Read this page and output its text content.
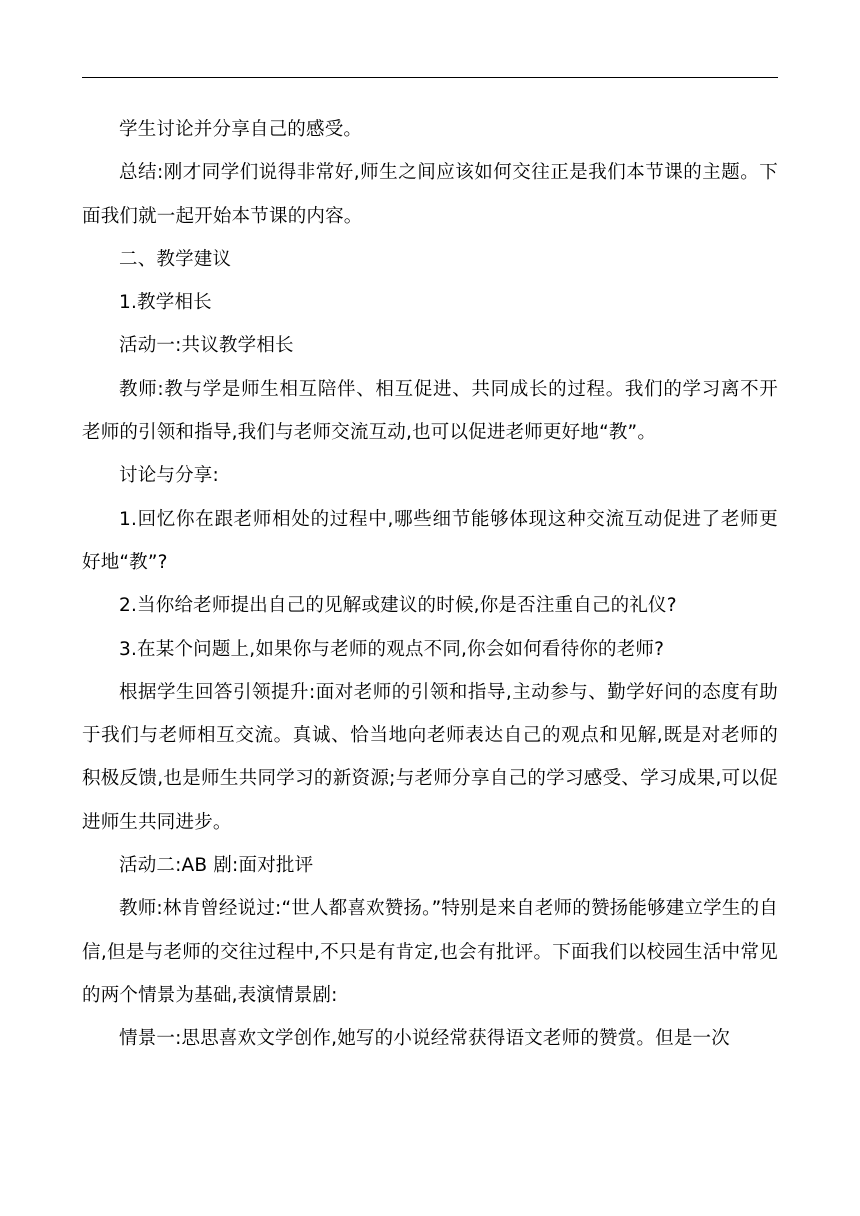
学生讨论并分享自己的感受。

总结:刚才同学们说得非常好,师生之间应该如何交往正是我们本节课的主题。下面我们就一起开始本节课的内容。

二、教学建议

1.教学相长

活动一:共议教学相长

教师:教与学是师生相互陪伴、相互促进、共同成长的过程。我们的学习离不开老师的引领和指导,我们与老师交流互动,也可以促进老师更好地“教”。

讨论与分享:

1.回忆你在跟老师相处的过程中,哪些细节能够体现这种交流互动促进了老师更好地“教”?

2.当你给老师提出自己的见解或建议的时候,你是否注重自己的礼仪?

3.在某个问题上,如果你与老师的观点不同,你会如何看待你的老师?

根据学生回答引领提升:面对老师的引领和指导,主动参与、勤学好问的态度有助于我们与老师相互交流。真诚、恰当地向老师表达自己的观点和见解,既是对老师的积极反馈,也是师生共同学习的新资源;与老师分享自己的学习感受、学习成果,可以促进师生共同进步。

活动二:AB 剧:面对批评

教师:林肯曾经说过:“世人都喜欢赞扬。”特别是来自老师的赞扬能够建立学生的自信,但是与老师的交往过程中,不只是有肯定,也会有批评。下面我们以校园生活中常见的两个情景为基础,表演情景剧:

情景一:思思喜欢文学创作,她写的小说经常获得语文老师的赞赏。但是一次
